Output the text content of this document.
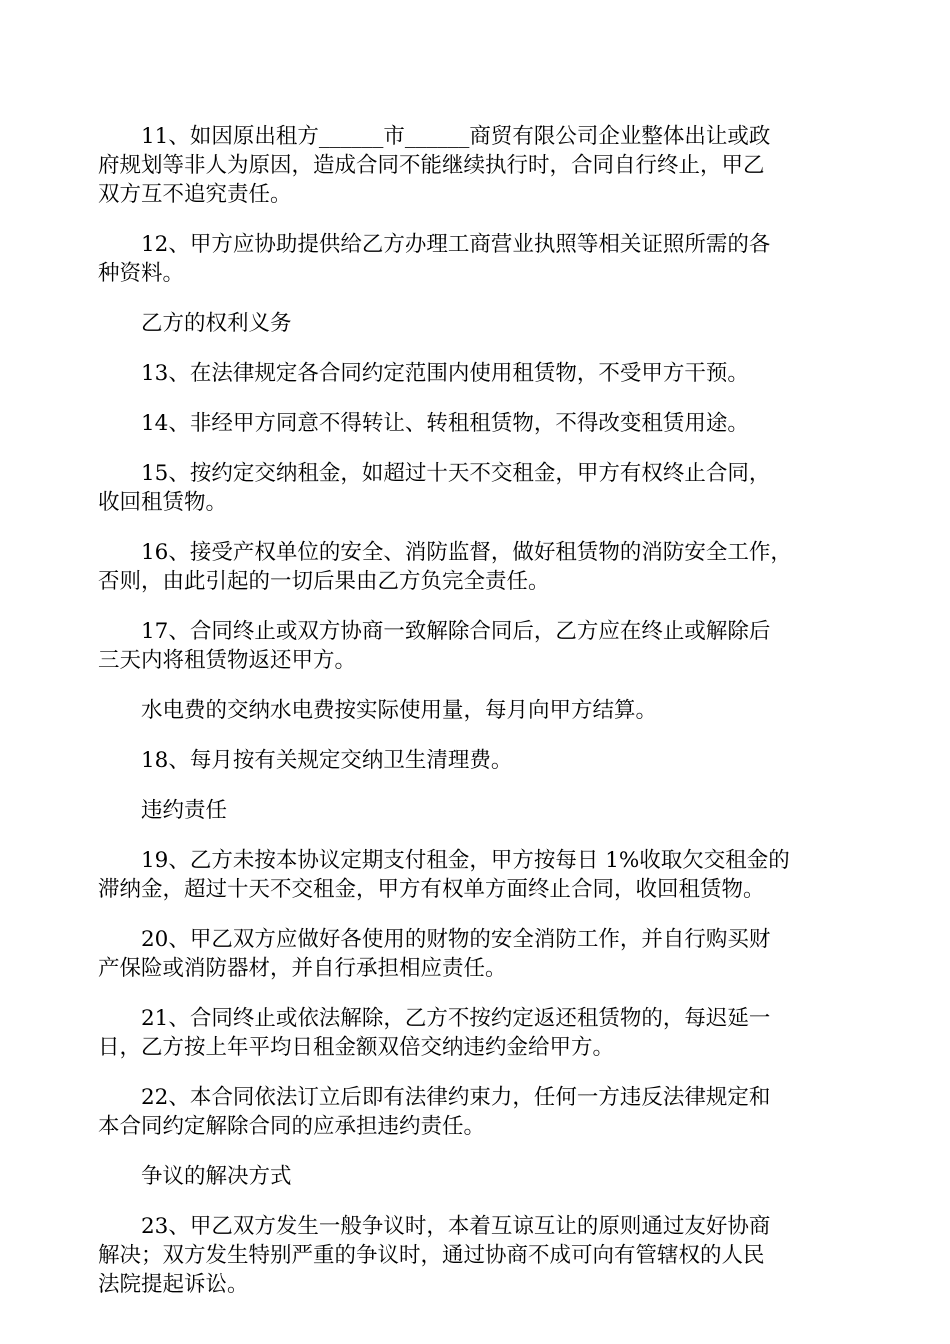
11、如因原出租方______市______商贸有限公司企业整体出让或政
府规划等非人为原因，造成合同不能继续执行时，合同自行终止，甲乙
双方互不追究责任。
12、甲方应协助提供给乙方办理工商营业执照等相关证照所需的各
种资料。
乙方的权利义务
13、在法律规定各合同约定范围内使用租赁物，不受甲方干预。
14、非经甲方同意不得转让、转租租赁物，不得改变租赁用途。
15、按约定交纳租金，如超过十天不交租金，甲方有权终止合同，
收回租赁物。
16、接受产权单位的安全、消防监督，做好租赁物的消防安全工作，
否则，由此引起的一切后果由乙方负完全责任。
17、合同终止或双方协商一致解除合同后，乙方应在终止或解除后
三天内将租赁物返还甲方。
水电费的交纳水电费按实际使用量，每月向甲方结算。
18、每月按有关规定交纳卫生清理费。
违约责任
19、乙方未按本协议定期支付租金，甲方按每日 1%收取欠交租金的
滞纳金，超过十天不交租金，甲方有权单方面终止合同，收回租赁物。
20、甲乙双方应做好各使用的财物的安全消防工作，并自行购买财
产保险或消防器材，并自行承担相应责任。
21、合同终止或依法解除，乙方不按约定返还租赁物的，每迟延一
日，乙方按上年平均日租金额双倍交纳违约金给甲方。
22、本合同依法订立后即有法律约束力，任何一方违反法律规定和
本合同约定解除合同的应承担违约责任。
争议的解决方式
23、甲乙双方发生一般争议时，本着互谅互让的原则通过友好协商
解决；双方发生特别严重的争议时，通过协商不成可向有管辖权的人民
法院提起诉讼。
